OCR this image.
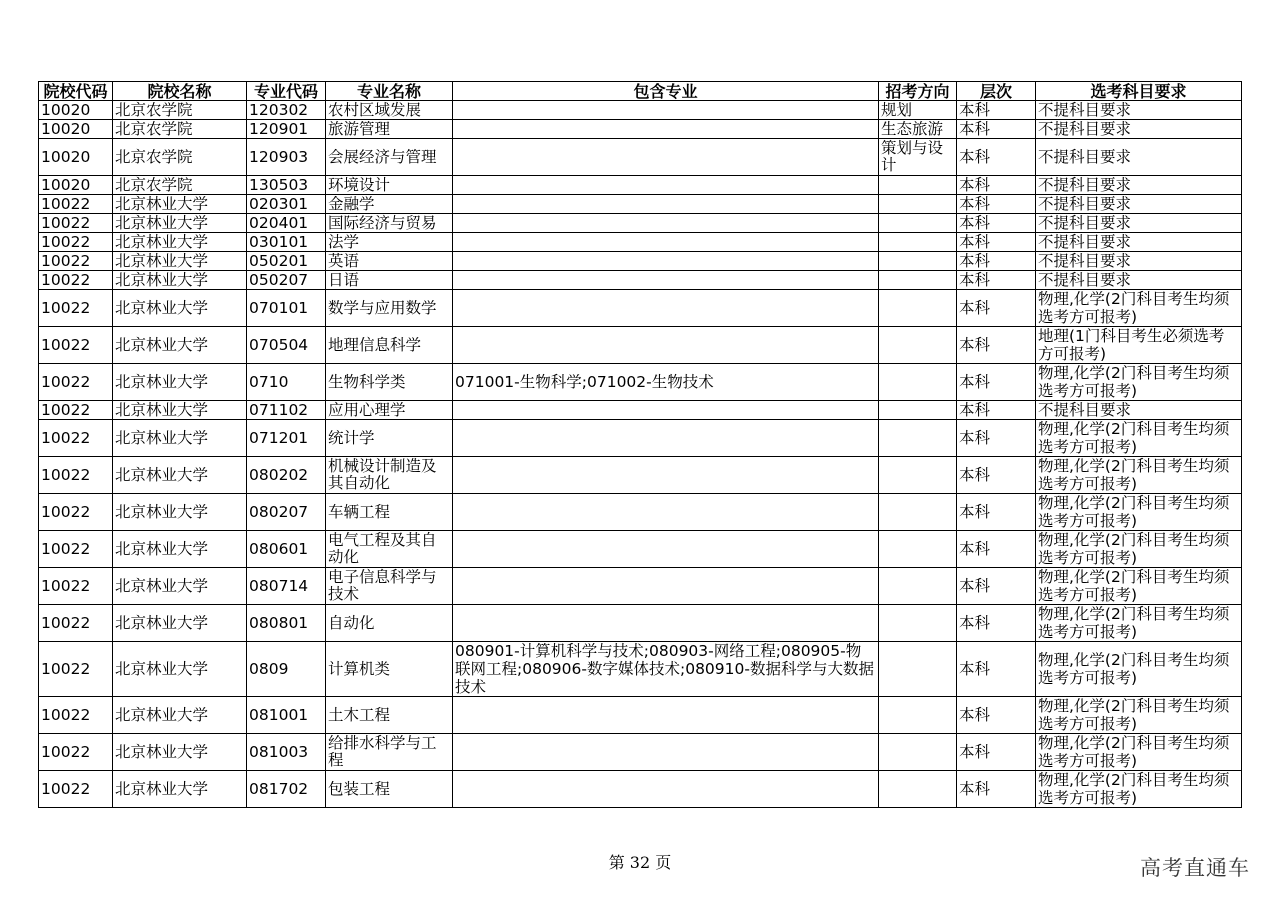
院校代码	院校名称	专业代码	专业名称	包含专业	招考方向	层次	选考科目要求
10020	北京农学院	120302	农村区域发展		规划	本科	不提科目要求
10020	北京农学院	120901	旅游管理		生态旅游	本科	不提科目要求
10020	北京农学院	120903	会展经济与管理		策划与设计	本科	不提科目要求
10020	北京农学院	130503	环境设计			本科	不提科目要求
10022	北京林业大学	020301	金融学			本科	不提科目要求
10022	北京林业大学	020401	国际经济与贸易			本科	不提科目要求
10022	北京林业大学	030101	法学			本科	不提科目要求
10022	北京林业大学	050201	英语			本科	不提科目要求
10022	北京林业大学	050207	日语			本科	不提科目要求
10022	北京林业大学	070101	数学与应用数学			本科	物理,化学(2门科目考生均须选考方可报考)
10022	北京林业大学	070504	地理信息科学			本科	地理(1门科目考生必须选考方可报考)
10022	北京林业大学	0710	生物科学类	071001-生物科学;071002-生物技术		本科	物理,化学(2门科目考生均须选考方可报考)
10022	北京林业大学	071102	应用心理学			本科	不提科目要求
10022	北京林业大学	071201	统计学			本科	物理,化学(2门科目考生均须选考方可报考)
10022	北京林业大学	080202	机械设计制造及其自动化			本科	物理,化学(2门科目考生均须选考方可报考)
10022	北京林业大学	080207	车辆工程			本科	物理,化学(2门科目考生均须选考方可报考)
10022	北京林业大学	080601	电气工程及其自动化			本科	物理,化学(2门科目考生均须选考方可报考)
10022	北京林业大学	080714	电子信息科学与技术			本科	物理,化学(2门科目考生均须选考方可报考)
10022	北京林业大学	080801	自动化			本科	物理,化学(2门科目考生均须选考方可报考)
10022	北京林业大学	0809	计算机类	080901-计算机科学与技术;080903-网络工程;080905-物联网工程;080906-数字媒体技术;080910-数据科学与大数据技术		本科	物理,化学(2门科目考生均须选考方可报考)
10022	北京林业大学	081001	土木工程			本科	物理,化学(2门科目考生均须选考方可报考)
10022	北京林业大学	081003	给排水科学与工程			本科	物理,化学(2门科目考生均须选考方可报考)
10022	北京林业大学	081702	包装工程			本科	物理,化学(2门科目考生均须选考方可报考)
第 32 页	高考直通车
